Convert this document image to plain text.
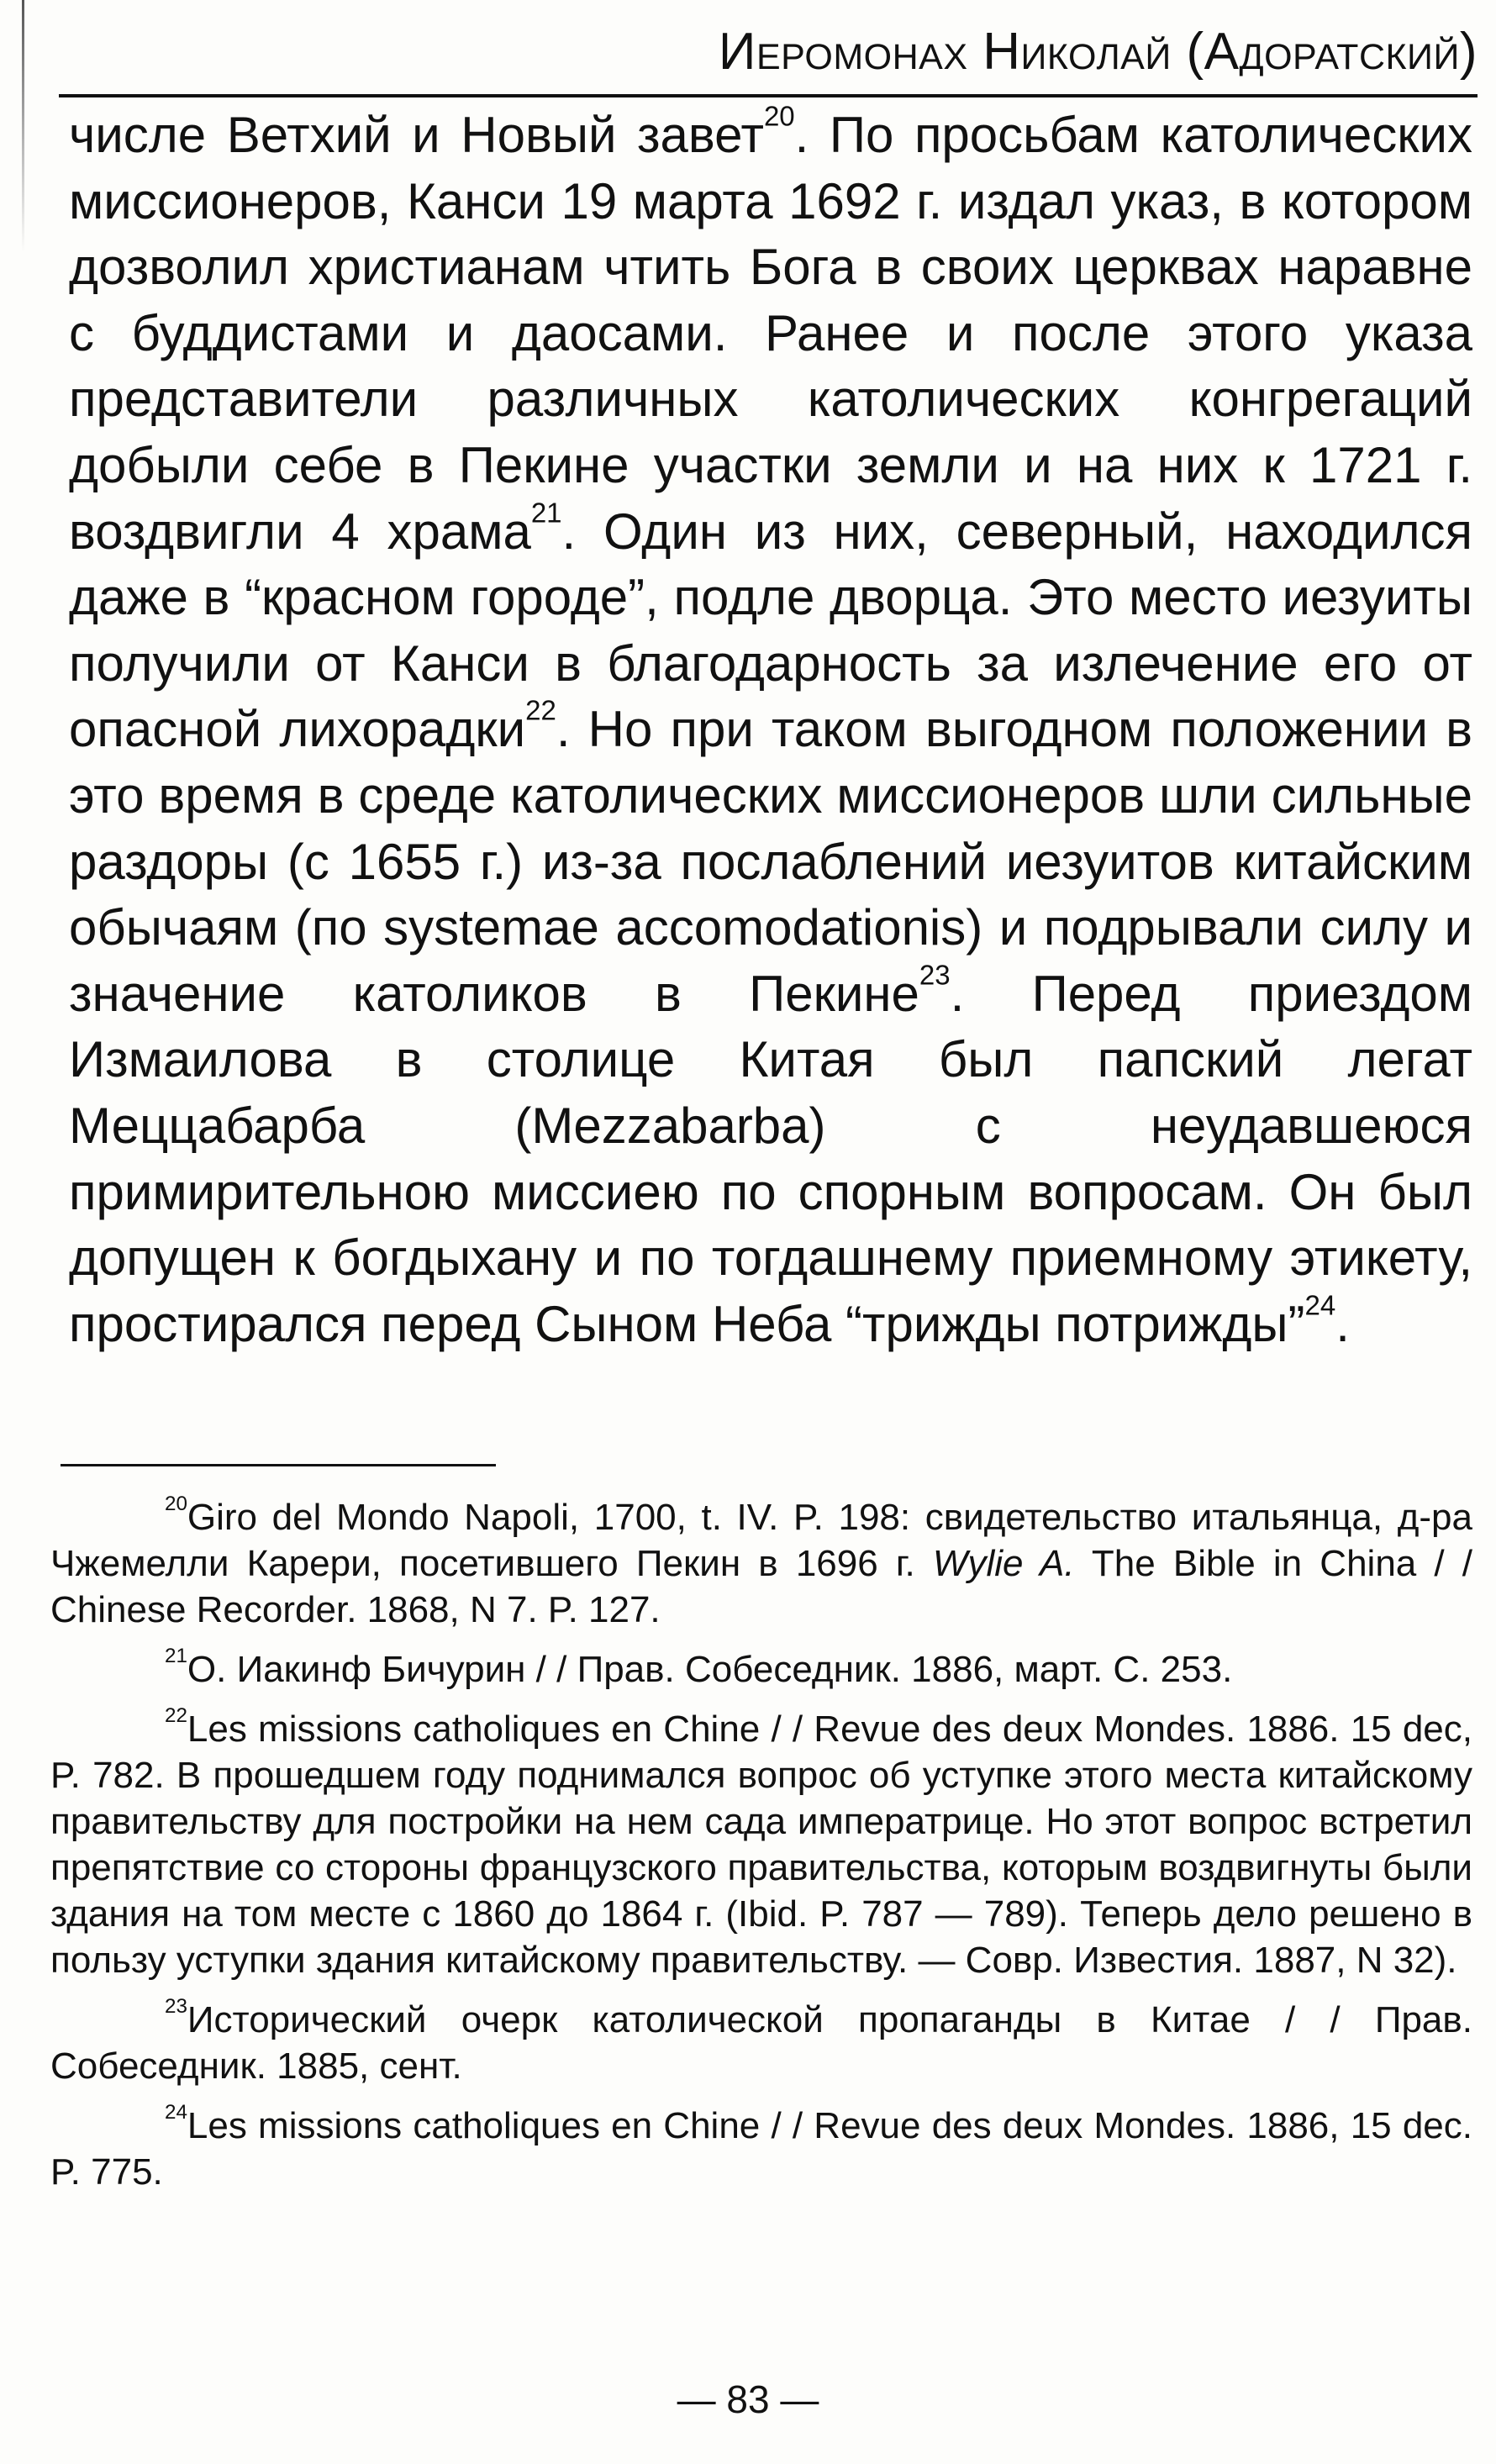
Иеромонах Николай (Адоратский)

числе Ветхий и Новый завет$^{20}$. По просьбам католических миссионеров, Канси 19 марта 1692 г. издал указ, в котором дозволил христианам чтить Бога в своих церквах наравне с буддистами и даосами. Ранее и после этого указа представители различных католических конгрегаций добыли себе в Пекине участки земли и на них к 1721 г. воздвигли 4 храма$^{21}$. Один из них, северный, находился даже в “красном городе”, подле дворца. Это место иезуиты получили от Канси в благодарность за излечение его от опасной лихорадки$^{22}$. Но при таком выгодном положении в это время в среде католических миссионеров шли сильные раздоры (с 1655 г.) из-за послаблений иезуитов китайским обычаям (по systemae accomodationis) и подрывали силу и значение католиков в Пекине$^{23}$. Перед приездом Измаилова в столице Китая был папский легат Меццабарба (Mezzabarba) с неудавшеюся примирительною миссиею по спорным вопросам. Он был допущен к богдыхану и по тогдашнему приемному этикету, простирался перед Сыном Неба “трижды потрижды”$^{24}$.

$^{20}$Giro del Mondo Napoli, 1700, t. IV. P. 198: свидетельство итальянца, д-ра Чжемелли Карери, посетившего Пекин в 1696 г. Wylie A. The Bible in China / / Chinese Recorder. 1868, N 7. P. 127.

$^{21}$О. Иакинф Бичурин / / Прав. Собеседник. 1886, март. С. 253.

$^{22}$Les missions catholiques en Chine / / Revue des deux Mondes. 1886. 15 dec, P. 782. В прошедшем году поднимался вопрос об уступке этого места китайскому правительству для постройки на нем сада императрице. Но этот вопрос встретил препятствие со стороны французского правительства, которым воздвигнуты были здания на том месте с 1860 до 1864 г. (Ibid. P. 787 — 789). Теперь дело решено в пользу уступки здания китайскому правительству. — Совр. Известия. 1887, N 32).

$^{23}$Исторический очерк католической пропаганды в Китае / / Прав. Собеседник. 1885, сент.

$^{24}$Les missions catholiques en Chine / / Revue des deux Mondes. 1886, 15 dec. P. 775.

— 83 —
